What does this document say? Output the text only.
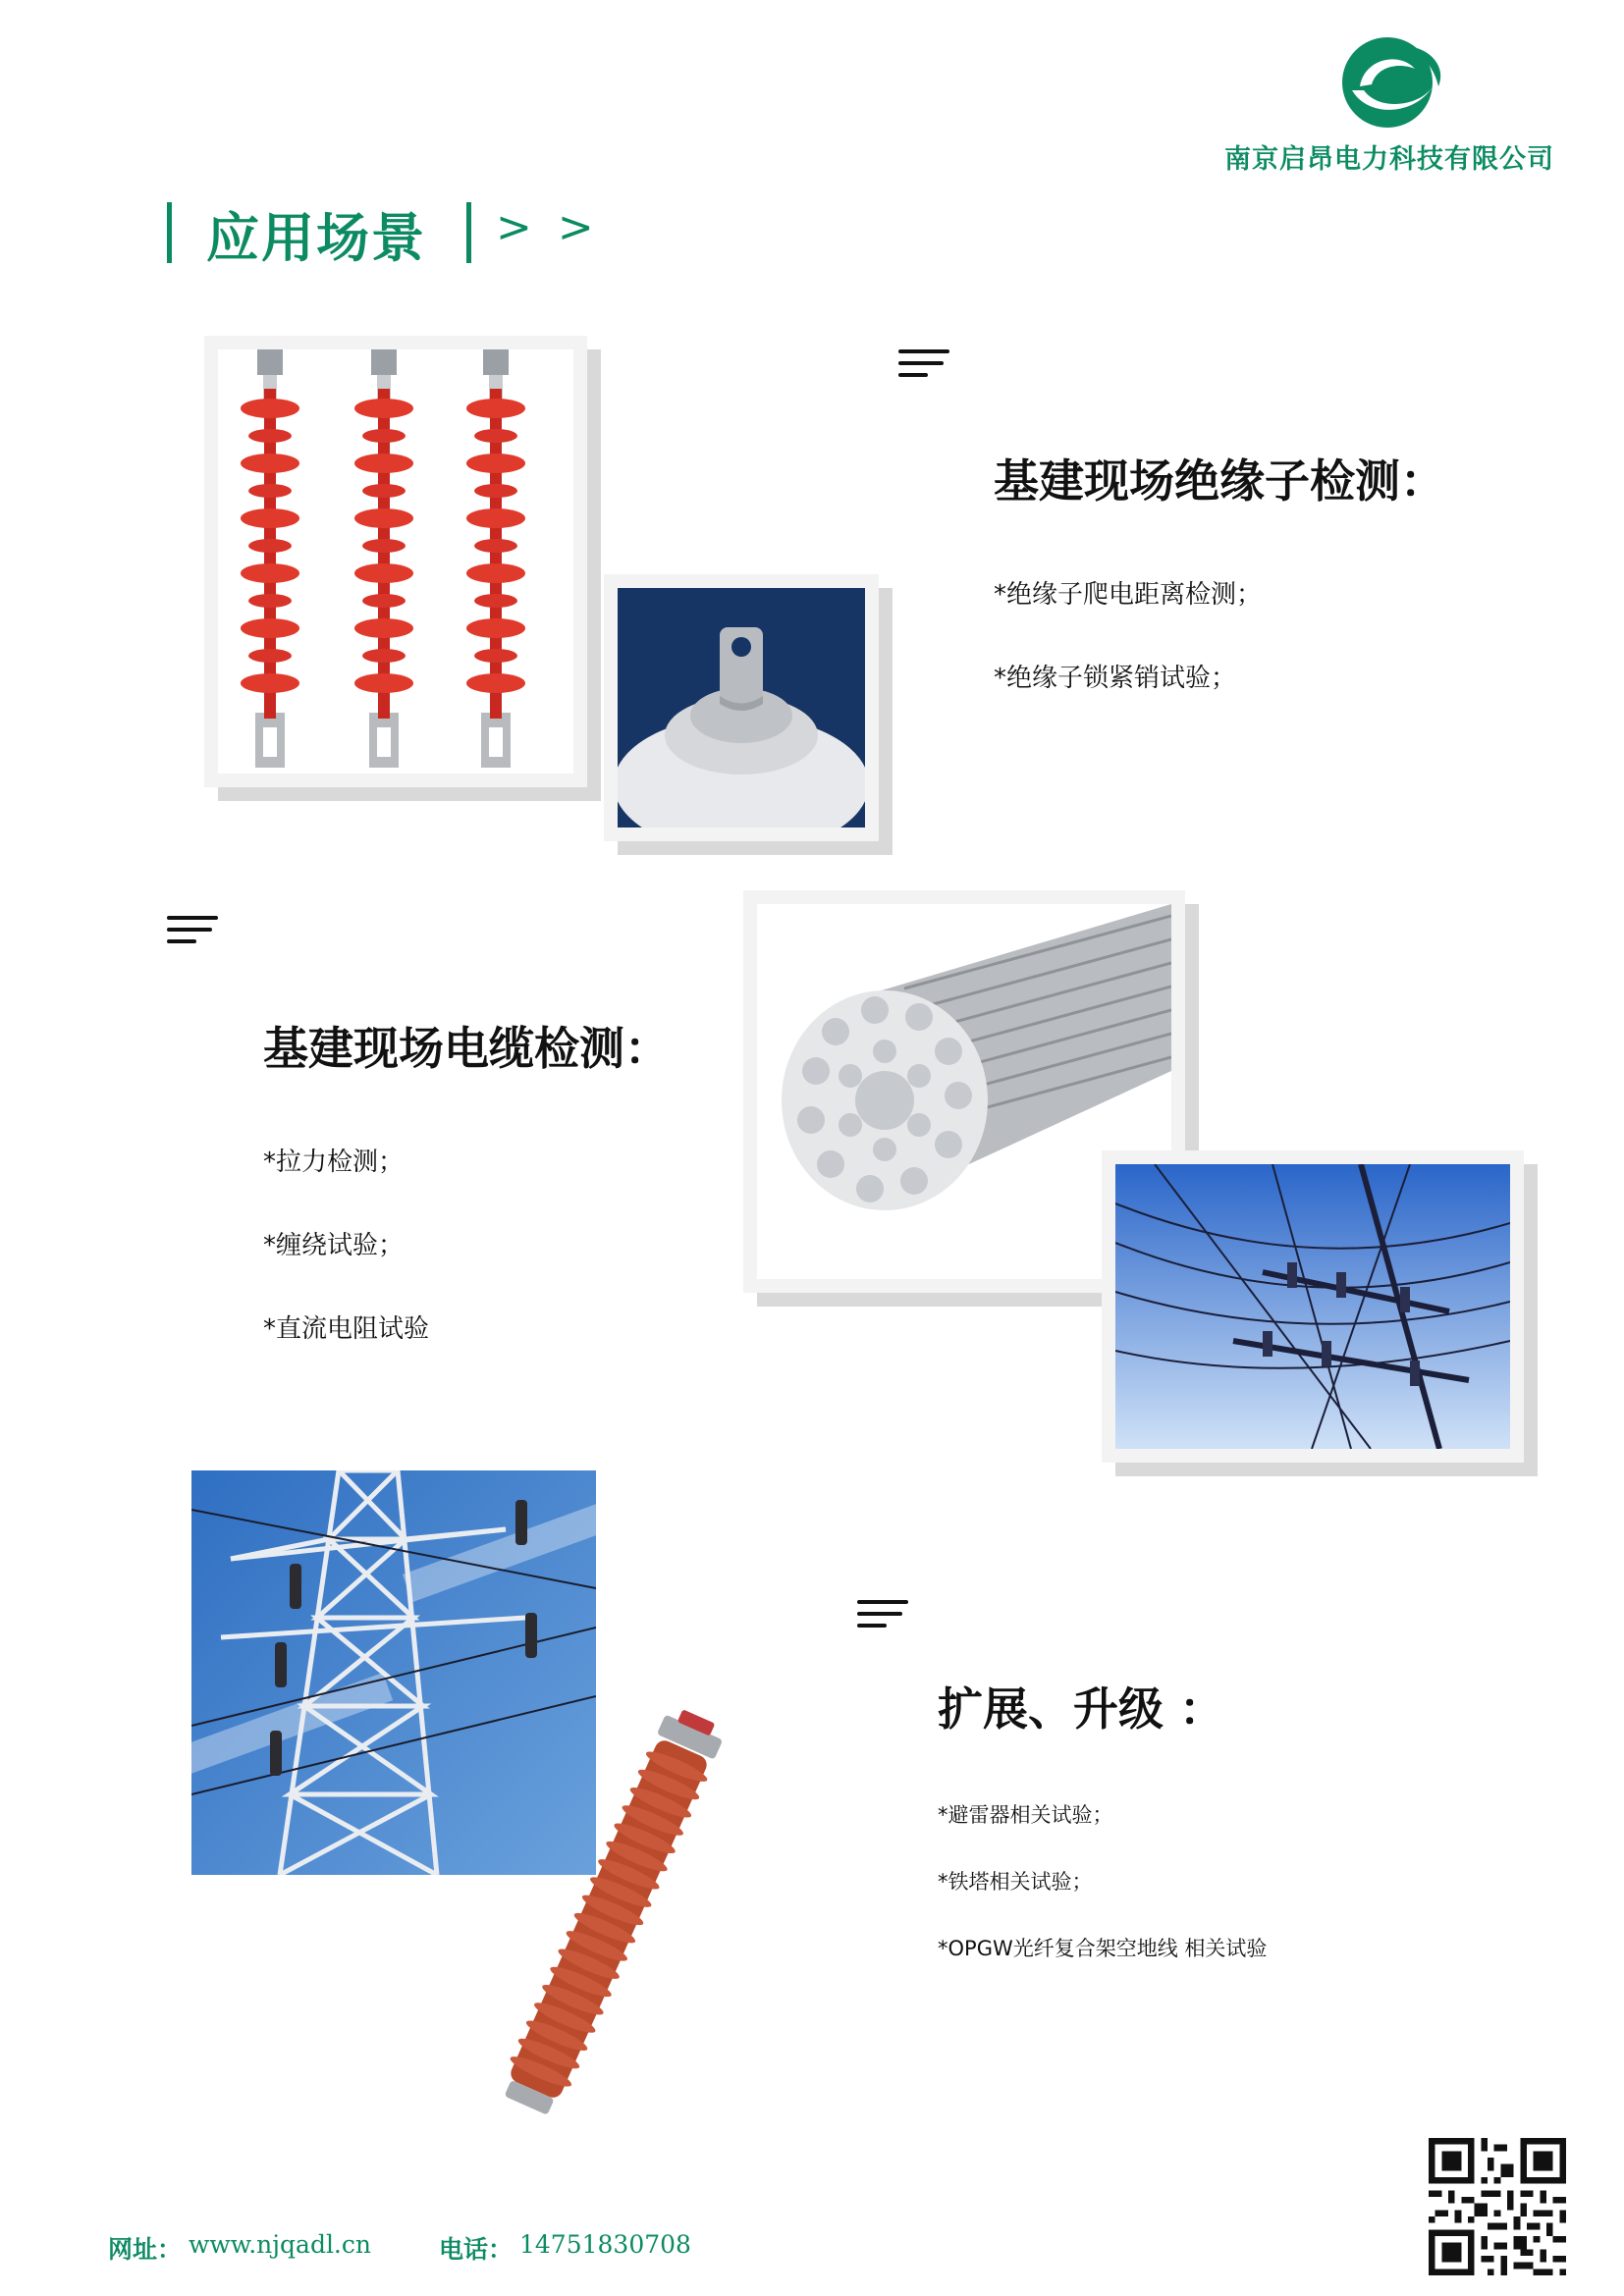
南京启昂电力科技有限公司
应用场景 > >
基建现场绝缘子检测：
*绝缘子爬电距离检测；
*绝缘子锁紧销试验；
基建现场电缆检测：
*拉力检测；
*缠绕试验；
*直流电阻试验
扩展、升级 ：
*避雷器相关试验；
*铁塔相关试验；
*OPGW光纤复合架空地线 相关试验
网址： www.njqadl.cn	电话： 14751830708
